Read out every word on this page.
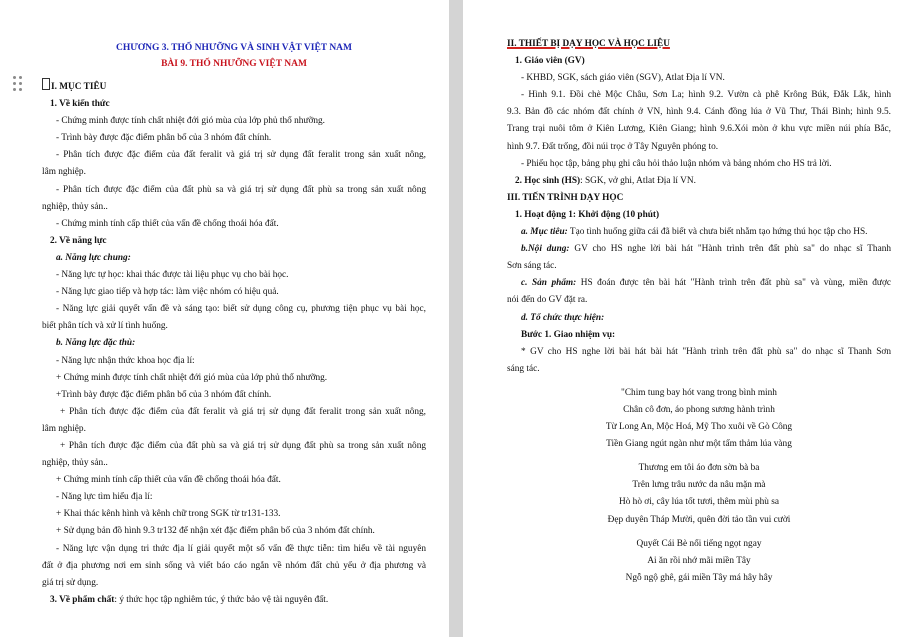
CHƯƠNG 3. THỔ NHƯỠNG VÀ SINH VẬT VIỆT NAM
BÀI 9. THỔ NHƯỠNG VIỆT NAM
I. MỤC TIÊU
1. Về kiến thức
- Chứng minh được tính chất nhiệt đới gió mùa của lớp phủ thổ nhưỡng.
- Trình bày được đặc điểm phân bố của 3 nhóm đất chính.
- Phân tích được đặc điểm của đất feralit và giá trị sử dụng đất feralit trong sản xuất nông,
lâm nghiệp.
- Phân tích được đặc điểm của đất phù sa và giá trị sử dụng đất phù sa trong sản xuất nông
nghiệp, thủy sản..
- Chứng minh tính cấp thiết của vấn đề chống thoái hóa đất.
2. Về năng lực
a. Năng lực chung:
- Năng lực tự học: khai thác được tài liệu phục vụ cho bài học.
- Năng lực giao tiếp và hợp tác: làm việc nhóm có hiệu quả.
- Năng lực giải quyết vấn đề và sáng tạo: biết sử dụng công cụ, phương tiện phục vụ bài học,
biết phân tích và xử lí tình huống.
b. Năng lực đặc thù:
- Năng lực nhận thức khoa học địa lí:
+ Chứng minh được tính chất nhiệt đới gió mùa của lớp phủ thổ nhưỡng.
+Trình bày được đặc điểm phân bố của 3 nhóm đất chính.
+ Phân tích được đặc điểm của đất feralit và giá trị sử dụng đất feralit trong sản xuất nông,
lâm nghiệp.
+ Phân tích được đặc điểm của đất phù sa và giá trị sử dụng đất phù sa trong sản xuất nông
nghiệp, thủy sản..
+ Chứng minh tính cấp thiết của vấn đề chống thoái hóa đất.
- Năng lực tìm hiểu địa lí:
+ Khai thác kênh hình và kênh chữ trong SGK từ tr131-133.
+ Sử dụng bản đồ hình 9.3 tr132 để nhận xét đặc điểm phân bố của 3 nhóm đất chính.
- Năng lực vận dụng tri thức địa lí giải quyết một số vấn đề thực tiễn: tìm hiểu về tài nguyên
đất ở địa phương nơi em sinh sống và viết báo cáo ngắn về nhóm đất chủ yếu ở địa phương và
giá trị sử dụng.
3. Về phẩm chất: ý thức học tập nghiêm túc, ý thức bảo vệ tài nguyên đất.
II. THIẾT BỊ DẠY HỌC VÀ HỌC LIỆU
1. Giáo viên (GV)
- KHBD, SGK, sách giáo viên (SGV), Atlat Địa lí VN.
- Hình 9.1. Đồi chè Mộc Châu, Sơn La; hình 9.2. Vườn cà phê Krông Búk, Đắk Lắk, hình
9.3. Bản đồ các nhóm đất chính ở VN, hình 9.4. Cánh đồng lúa ở Vũ Thư, Thái Bình; hình 9.5.
Trang trại nuôi tôm ở Kiên Lương, Kiên Giang; hình 9.6.Xói mòn ở khu vực miền núi phía Bắc,
hình 9.7. Đất trống, đồi núi trọc ở Tây Nguyên phóng to.
- Phiếu học tập, bảng phụ ghi câu hỏi thảo luận nhóm và bảng nhóm cho HS trả lời.
2. Học sinh (HS): SGK, vở ghi, Atlat Địa lí VN.
III. TIẾN TRÌNH DẠY HỌC
1. Hoạt động 1: Khởi động (10 phút)
a. Mục tiêu: Tạo tình huống giữa cái đã biết và chưa biết nhằm tạo hứng thú học tập cho HS.
b.Nội dung: GV cho HS nghe lời bài hát "Hành trình trên đất phù sa" do nhạc sĩ Thanh
Sơn sáng tác.
c. Sản phẩm: HS đoán được tên bài hát "Hành trình trên đất phù sa" và vùng, miền được
nói đến do GV đặt ra.
d. Tổ chức thực hiện:
Bước 1. Giao nhiệm vụ:
* GV cho HS nghe lời bài hát bài hát "Hành trình trên đất phù sa" do nhạc sĩ Thanh Sơn
sáng tác.
"Chim tung bay hót vang trong bình minh
Chân cô đơn, áo phong sương hành trình
Từ Long An, Mộc Hoá, Mỹ Tho xuôi về Gò Công
Tiền Giang ngút ngàn như một tấm thảm lúa vàng
Thương em tôi áo đơn sờn bà ba
Trên lưng trâu nước da nâu mặn mà
Hò hò ơi, cây lúa tốt tươi, thêm mùi phù sa
Đẹp duyên Tháp Mười, quên đời tảo tần vui cười
Quyết Cái Bè nổi tiếng ngọt ngay
Ai ăn rồi nhớ mãi miền Tây
Ngỗ ngộ ghê, gái miền Tây má hây hây
